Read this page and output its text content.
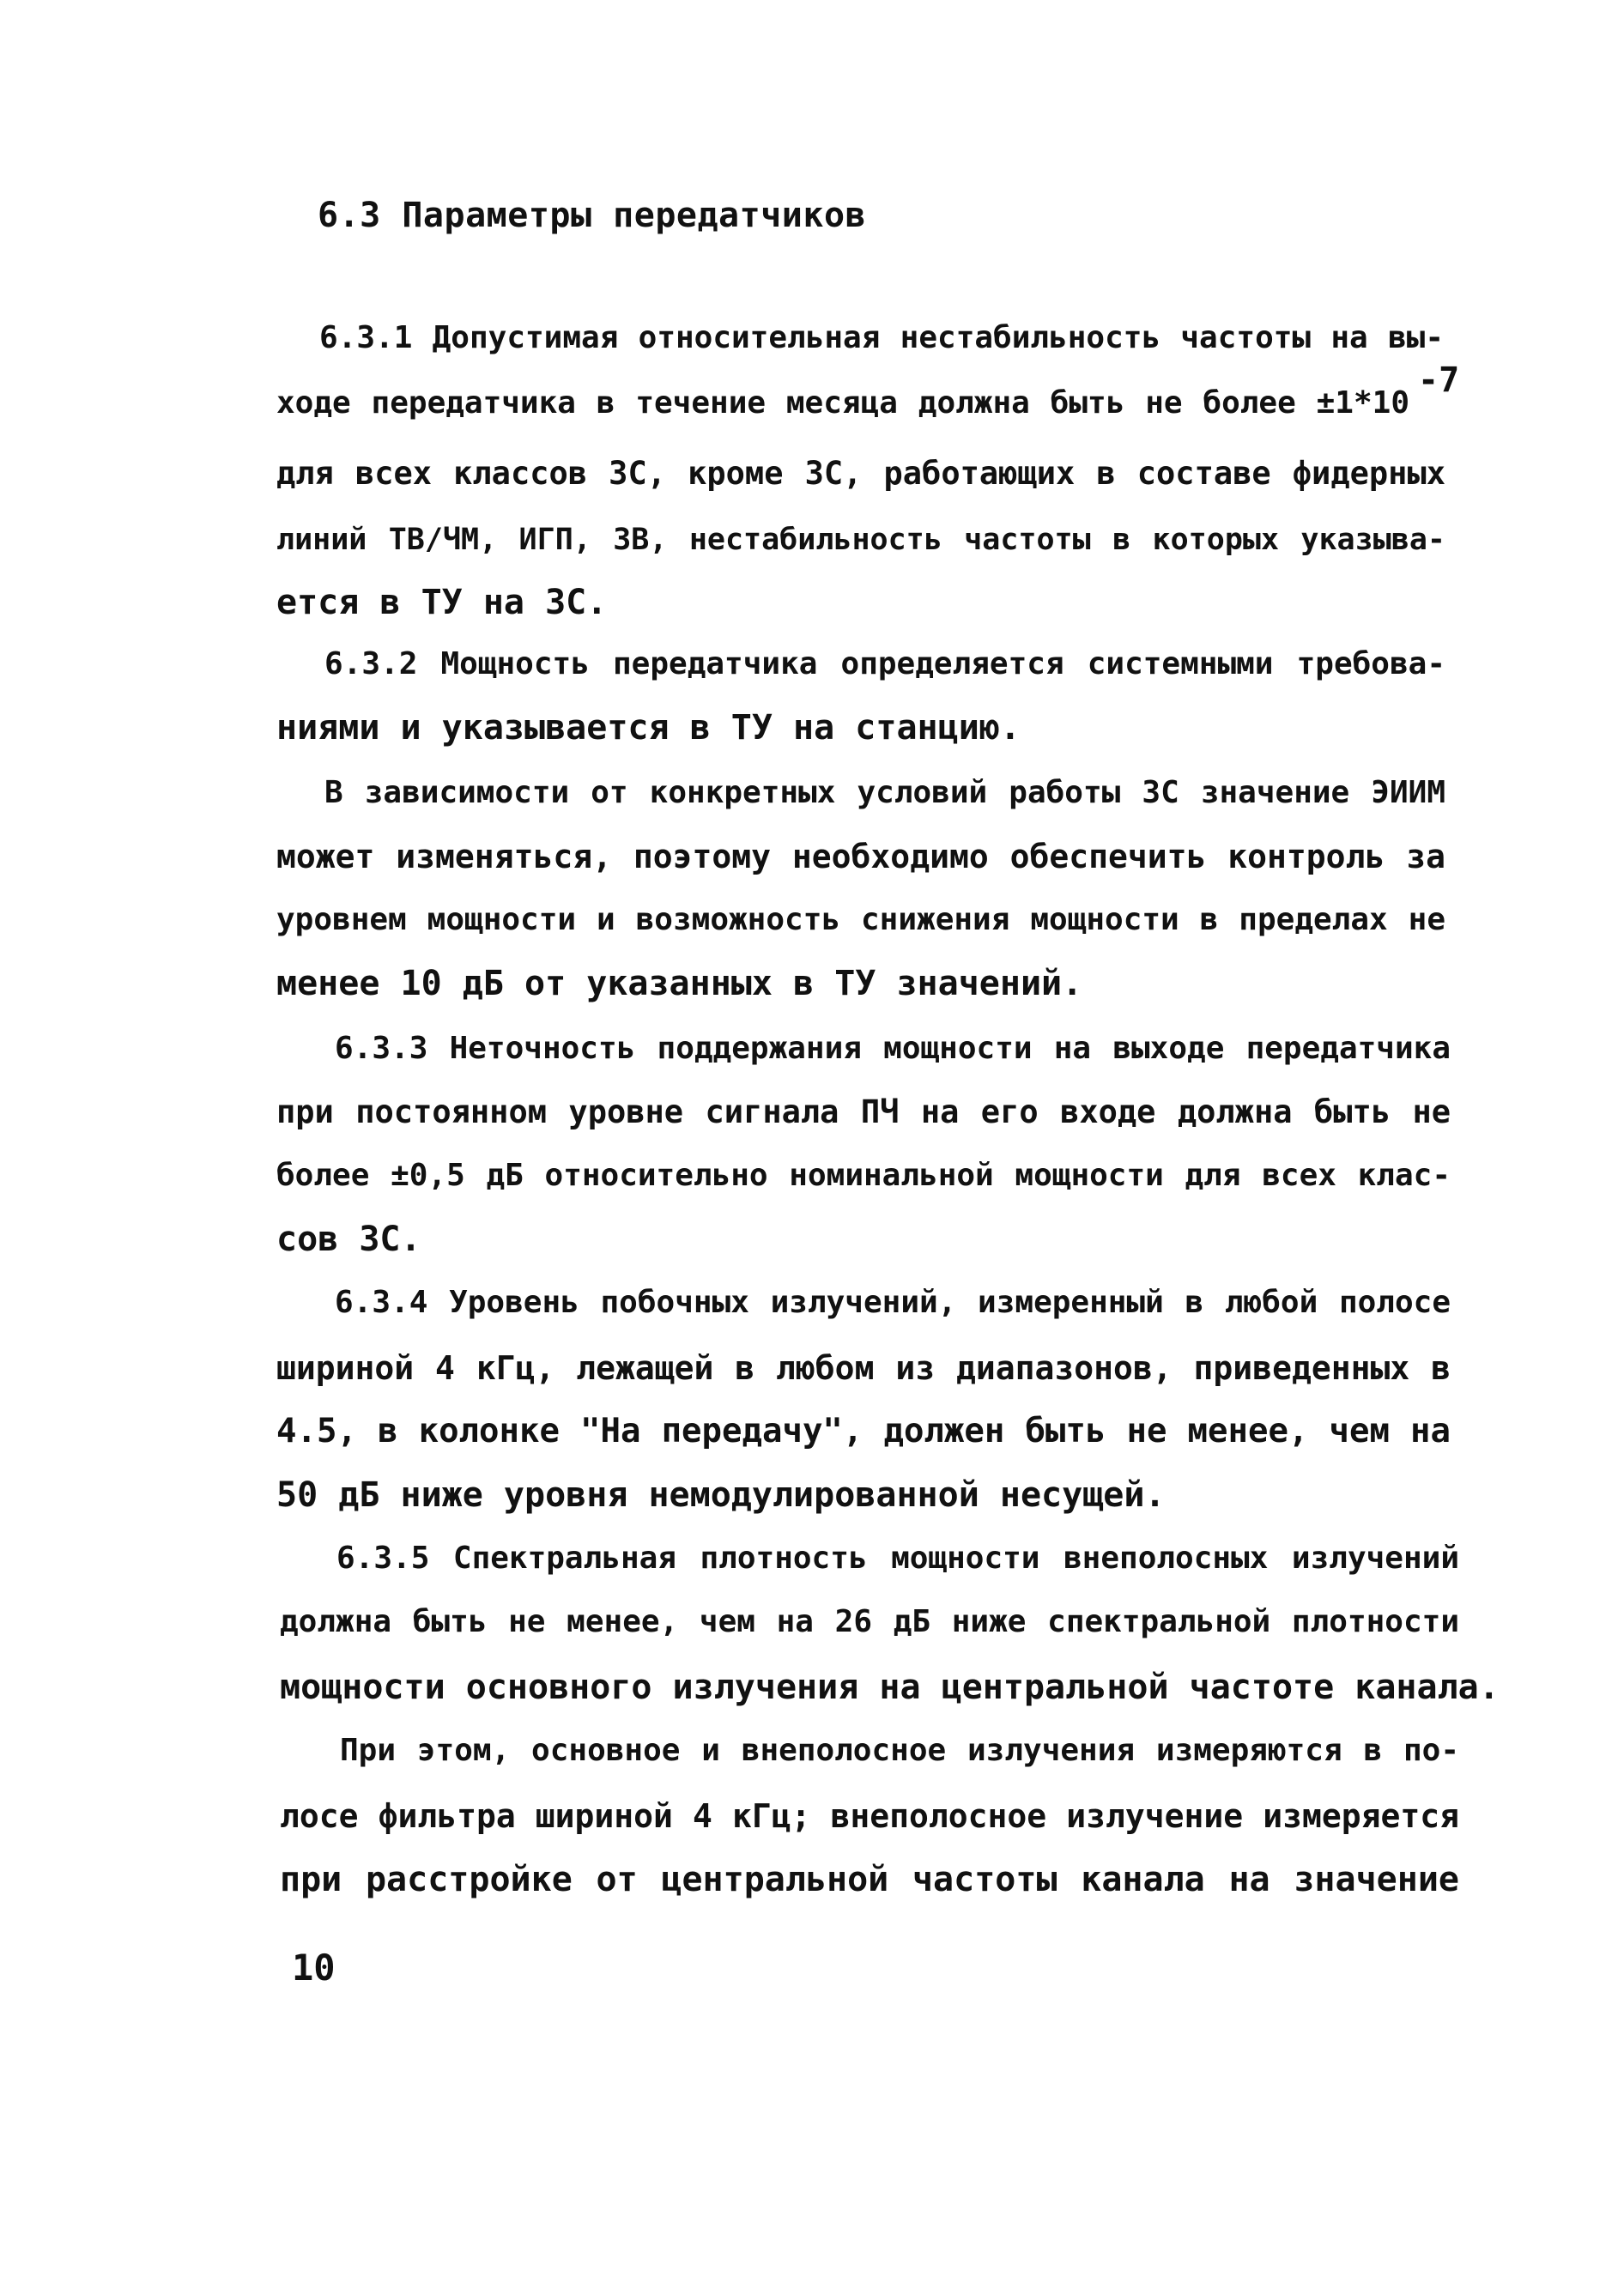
6.3 Параметры передатчиков
6.3.1 Допустимая относительная нестабильность частоты на вы-
ходе передатчика в течение месяца должна быть не более ±1*10
-7
для всех классов ЗС, кроме ЗС, работающих в составе фидерных
линий ТВ/ЧМ, ИГП, ЗВ, нестабильность частоты в которых указыва-
ется в ТУ на ЗС.
6.3.2 Мощность передатчика определяется системными требова-
ниями и указывается в ТУ на станцию.
В зависимости от конкретных условий работы ЗС значение ЭИИМ
может изменяться, поэтому необходимо обеспечить контроль за
уровнем мощности и возможность снижения мощности в пределах не
менее 10 дБ от указанных в ТУ значений.
6.3.3 Неточность поддержания мощности на выходе передатчика
при постоянном уровне сигнала ПЧ на его входе должна быть не
более ±0,5 дБ относительно номинальной мощности для всех клас-
сов ЗС.
6.3.4 Уровень побочных излучений, измеренный в любой полосе
шириной 4 кГц, лежащей в любом из диапазонов, приведенных в
4.5, в колонке "На передачу", должен быть не менее, чем на
50 дБ ниже уровня немодулированной несущей.
6.3.5 Спектральная плотность мощности внеполосных излучений
должна быть не менее, чем на 26 дБ ниже спектральной плотности
мощности основного излучения на центральной частоте канала.
При этом, основное и внеполосное излучения измеряются в по-
лосе фильтра шириной 4 кГц; внеполосное излучение измеряется
при расстройке от центральной частоты канала на значение
10
